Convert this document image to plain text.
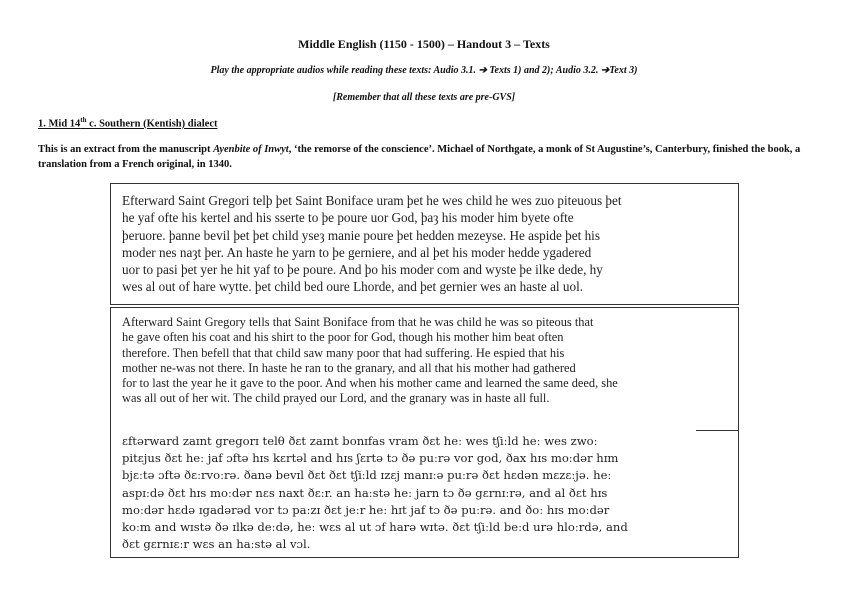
Middle English (1150 - 1500) – Handout 3 – Texts
Play the appropriate audios while reading these texts: Audio 3.1. ➔ Texts 1) and 2); Audio 3.2. ➔Text 3)
[Remember that all these texts are pre-GVS]
1. Mid 14th c. Southern (Kentish) dialect
This is an extract from the manuscript Ayenbite of Inwyt, ‘the remorse of the conscience’. Michael of Northgate, a monk of St Augustine’s, Canterbury, finished the book, a translation from a French original, in 1340.
Efterward Saint Gregori telþ þet Saint Boniface uram þet he wes child he wes zuo piteuous þet
he yaf ofte his kertel and his sserte to þe poure uor God, þaȝ his moder him byete ofte
þeruore. þanne bevil þet þet child yseȝ manie poure þet hedden mezeyse. He aspide þet his
moder nes naȝt þer. An haste he yarn to þe gerniere, and al þet his moder hedde ygadered
uor to pasi þet yer he hit yaf to þe poure. And þo his moder com and wyste þe ilke dede, hy
wes al out of hare wytte. þet child bed oure Lhorde, and þet gernier wes an haste al uol.
Afterward Saint Gregory tells that Saint Boniface from that he was child he was so piteous that
he gave often his coat and his shirt to the poor for God, though his mother him beat often
therefore. Then befell that that child saw many poor that had suffering. He espied that his
mother ne-was not there. In haste he ran to the granary, and all that his mother had gathered
for to last the year he it gave to the poor. And when his mother came and learned the same deed, she
was all out of her wit. The child prayed our Lord, and the granary was in haste all full.
ɛftərward zaɪnt gregorɪ telθ ðɛt zaɪnt bonɪfas vram ðɛt heː wes tʃiːld heː wes zwoː
pitɛjus ðɛt heː jaf ɔftə hɪs kɛrtəl and hɪs ʃɛrtə tɔ ðə puːrə vor god, ðax hɪs moːdər hɪm
bjɛːtə ɔftə ðɛːrvoːrə. ðanə bevɪl ðɛt ðɛt tʃiːld ɪzɛj manɪːə puːrə ðɛt hɛdən mɛzɛːjə. heː
aspɪːdə ðɛt hɪs moːdər nɛs naxt ðɛːr. an haːstə heː jarn tɔ ðə gɛrnɪːrə, and al ðɛt hɪs
moːdər hɛdə ɪgadərəd vor tɔ paːzɪ ðɛt jeːr heː hɪt jaf tɔ ðə puːrə. and ðoː hɪs moːdər
koːm and wɪstə ðə ɪlkə deːdə, heː wɛs al ut ɔf harə wɪtə. ðɛt tʃiːld beːd urə hloːrdə, and
ðɛt gɛrnɪɛːr wɛs an haːstə al vɔl.
